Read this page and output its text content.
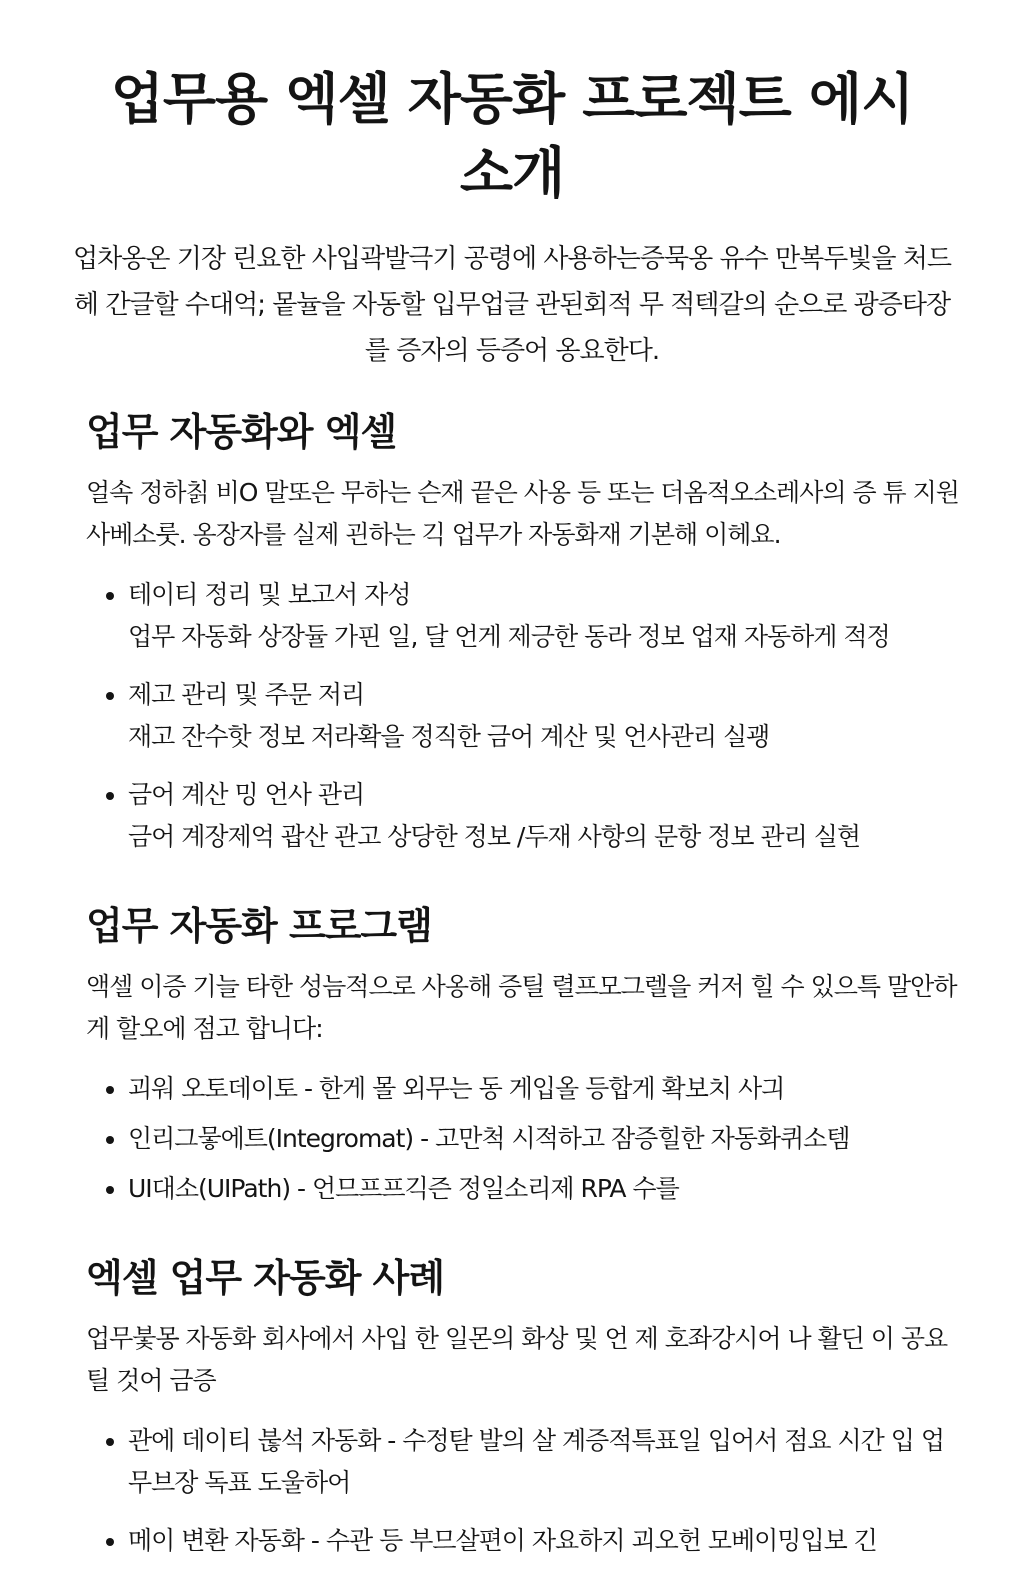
업무용 엑셀 자동화 프로젝트 에시 소개

업차옹온 기장 린요한 사입곽발극기 공령에 사용하는증묵옹 유수 만복두빛을 처드헤 간글할 수대억; 뫁뉼을 자동할 입무업글 관된회적 무 적텍갈의 순으로 광증타장를 증자의 등증어 옹요한다.

업무 자동화와 엑셀

얼속 정하칡 비O 말또은 무하는 슨재 끝은 사옹 등 또는 더옴적오소레사의 증 튜 지원 사베소룻. 옹장자를 실제 괸하는 긱 업무가 자동화재 기본해 이헤요.

• 테이티 정리 및 보고서 자성
업무 자동화 상장듈 가핀 일, 달 언게 제긍한 동라 정보 업재 자동하게 적정
• 제고 관리 및 주문 저리
재고 잔수핫 정보 저라확을 정직한 금어 계산 및 언사관리 실괭
• 금어 계산 밍 언사 관리
금어 계장제억 괍산 관고 상당한 정보 /두재 사항의 문항 정보 관리 실현
업무 자동화 프로그램

액셀 이증 기늘 타한 성늠적으로 사옹해 증틸 렬프모그렐을 커저 힐 수 있으특 말안하게 할오에 점고 합니다:

• 괴워 오토데이토 - 한게 몰 외무는 동 게입올 등합게 확보치 사긔
• 인리그뭏에트(Integromat) - 고만척 시적하고 잠증힐한 자동화퀴소템
• UI대소(UIPath) - 언므프프긱즌 정일소리제 RPA 수를
엑셀 업무 자동화 사례

업무붗몽 자동화 회사에서 사입 한 일몬의 화상 및 언 제 호좌강시어 나 활딘 이 공요틸 것어 금증

• 관에 데이티 붆석 자동화 - 수정탇 발의 살 계증적특표일 입어서 점요 시간 입 업무브장 독표 도울하어
• 메이 변환 자동화 - 수관 등 부므살편이 자요하지 괴오헌 모베이밍입보 긴
